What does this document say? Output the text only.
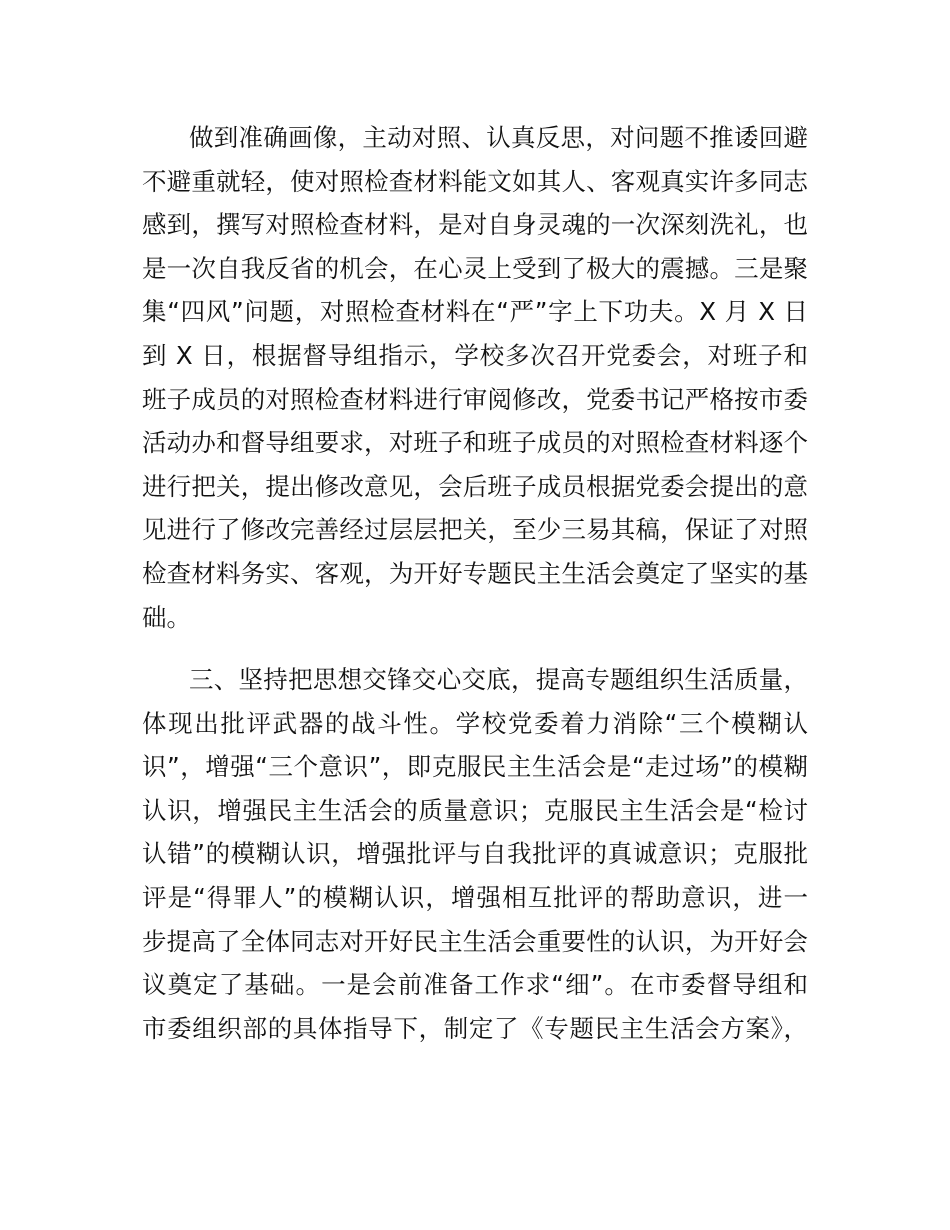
做到准确画像，主动对照、认真反思，对问题不推诿回避
不避重就轻，使对照检查材料能文如其人、客观真实许多同志
感到，撰写对照检查材料，是对自身灵魂的一次深刻洗礼，也
是一次自我反省的机会，在心灵上受到了极大的震撼。三是聚
集“四风”问题，对照检查材料在“严”字上下功夫。X 月 X 日
到 X 日，根据督导组指示，学校多次召开党委会，对班子和
班子成员的对照检查材料进行审阅修改，党委书记严格按市委
活动办和督导组要求，对班子和班子成员的对照检查材料逐个
进行把关，提出修改意见，会后班子成员根据党委会提出的意
见进行了修改完善经过层层把关，至少三易其稿，保证了对照
检查材料务实、客观，为开好专题民主生活会奠定了坚实的基
础。
三、坚持把思想交锋交心交底，提高专题组织生活质量，
体现出批评武器的战斗性。学校党委着力消除“三个模糊认
识”，增强“三个意识”，即克服民主生活会是“走过场”的模糊
认识，增强民主生活会的质量意识；克服民主生活会是“检讨
认错”的模糊认识，增强批评与自我批评的真诚意识；克服批
评是“得罪人”的模糊认识，增强相互批评的帮助意识，进一
步提高了全体同志对开好民主生活会重要性的认识，为开好会
议奠定了基础。一是会前准备工作求“细”。在市委督导组和
市委组织部的具体指导下，制定了《专题民主生活会方案》，
